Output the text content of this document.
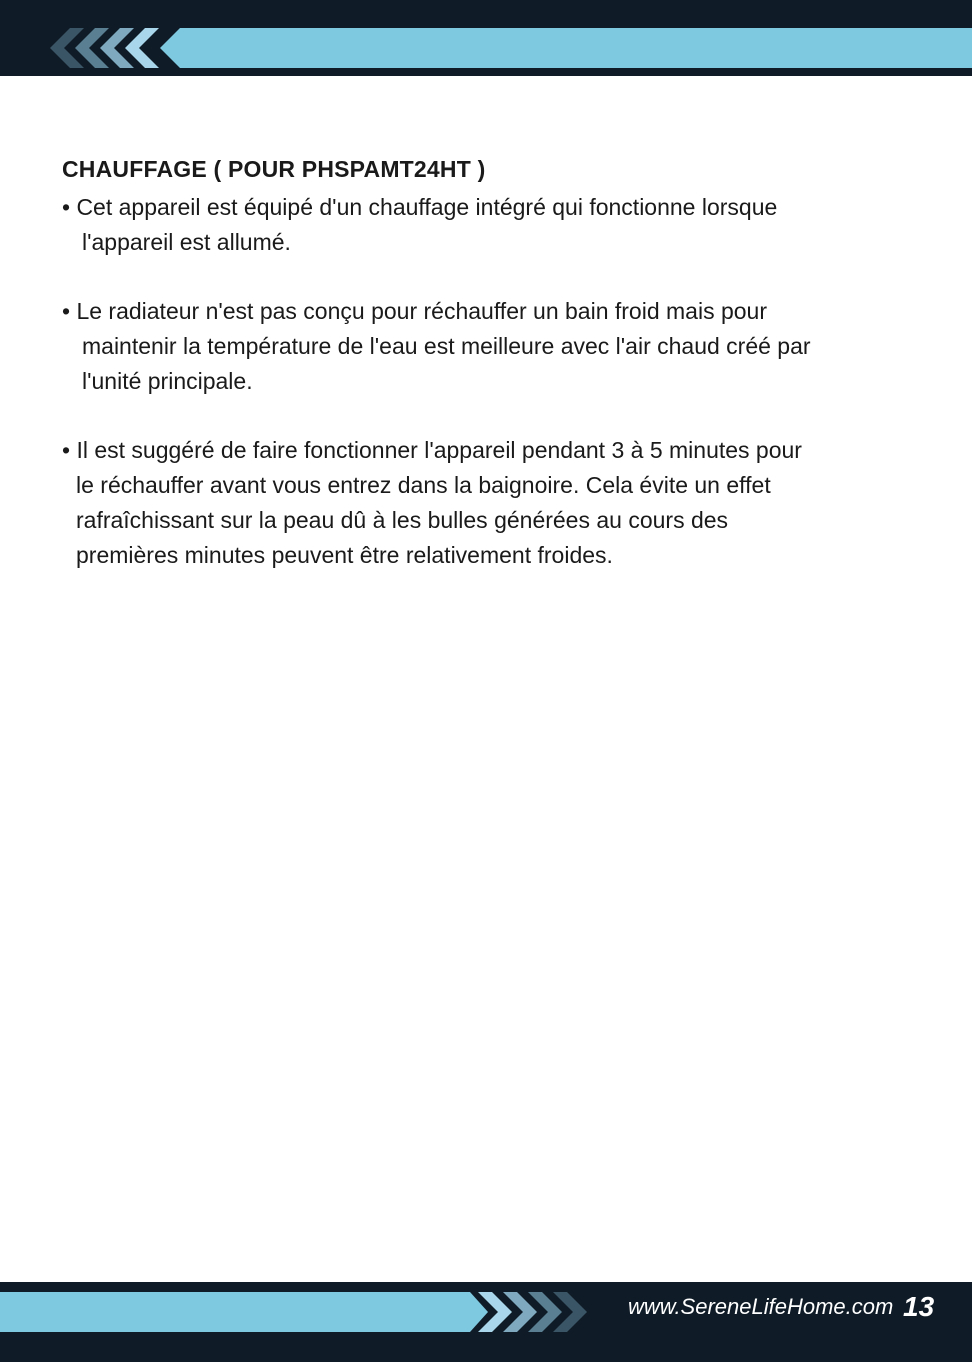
CHAUFFAGE ( POUR PHSPAMT24HT )
• Cet appareil est équipé d'un chauffage intégré qui fonctionne lorsque
l'appareil est allumé.
• Le radiateur n'est pas conçu pour réchauffer un bain froid mais pour
maintenir la température de l'eau est meilleure avec l'air chaud créé par
l'unité principale.
• Il est suggéré de faire fonctionner l'appareil pendant 3 à 5 minutes pour
le réchauffer avant vous entrez dans la baignoire. Cela évite un effet
rafraîchissant sur la peau dû à les bulles générées au cours des
premières minutes peuvent être relativement froides.
www.SereneLifeHome.com 13
